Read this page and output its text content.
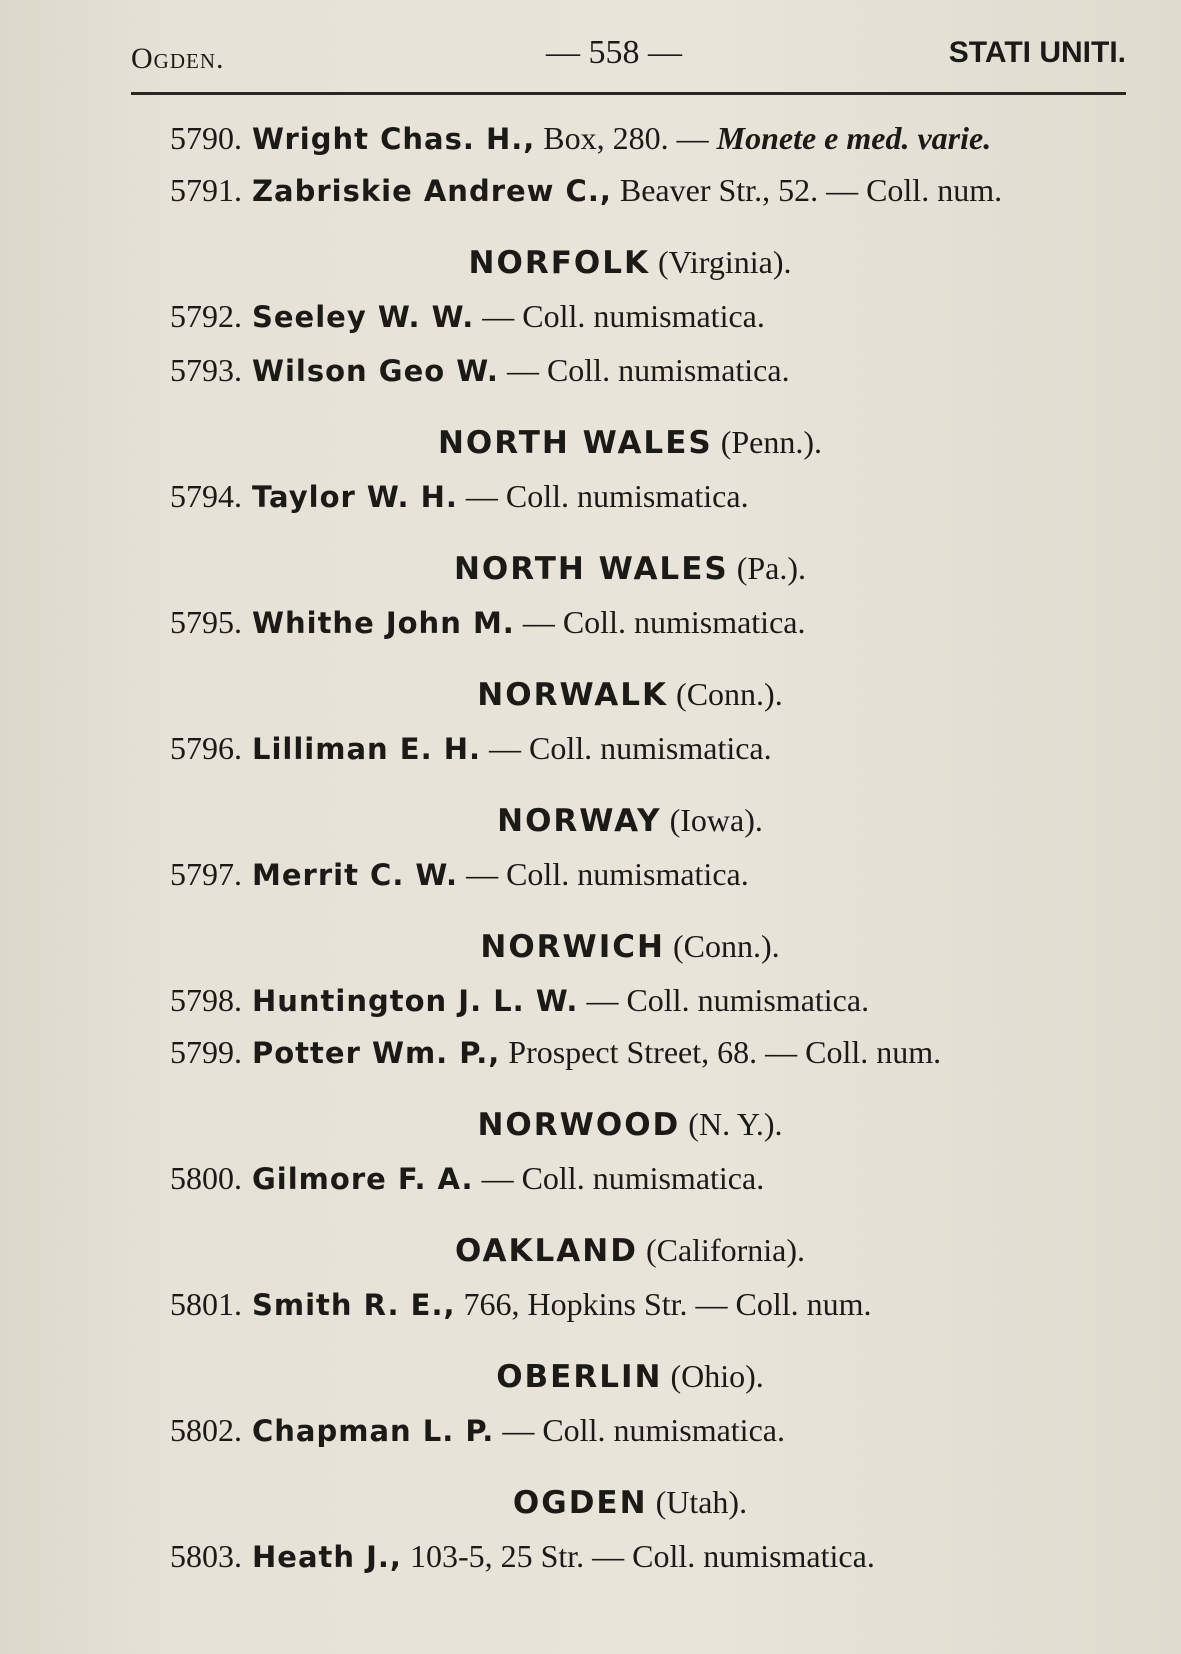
Ogden.	— 558 —	STATI UNITI.
5790. Wright Chas. H., Box, 280. — Monete e med. varie.
5791. Zabriskie Andrew C., Beaver Str., 52. — Coll. num.
NORFOLK (Virginia).
5792. Seeley W. W. — Coll. numismatica.
5793. Wilson Geo W. — Coll. numismatica.
NORTH WALES (Penn.).
5794. Taylor W. H. — Coll. numismatica.
NORTH WALES (Pa.).
5795. Whithe John M. — Coll. numismatica.
NORWALK (Conn.).
5796. Lilliman E. H. — Coll. numismatica.
NORWAY (Iowa).
5797. Merrit C. W. — Coll. numismatica.
NORWICH (Conn.).
5798. Huntington J. L. W. — Coll. numismatica.
5799. Potter Wm. P., Prospect Street, 68. — Coll. num.
NORWOOD (N. Y.).
5800. Gilmore F. A. — Coll. numismatica.
OAKLAND (California).
5801. Smith R. E., 766, Hopkins Str. — Coll. num.
OBERLIN (Ohio).
5802. Chapman L. P. — Coll. numismatica.
OGDEN (Utah).
5803. Heath J., 103-5, 25 Str. — Coll. numismatica.
